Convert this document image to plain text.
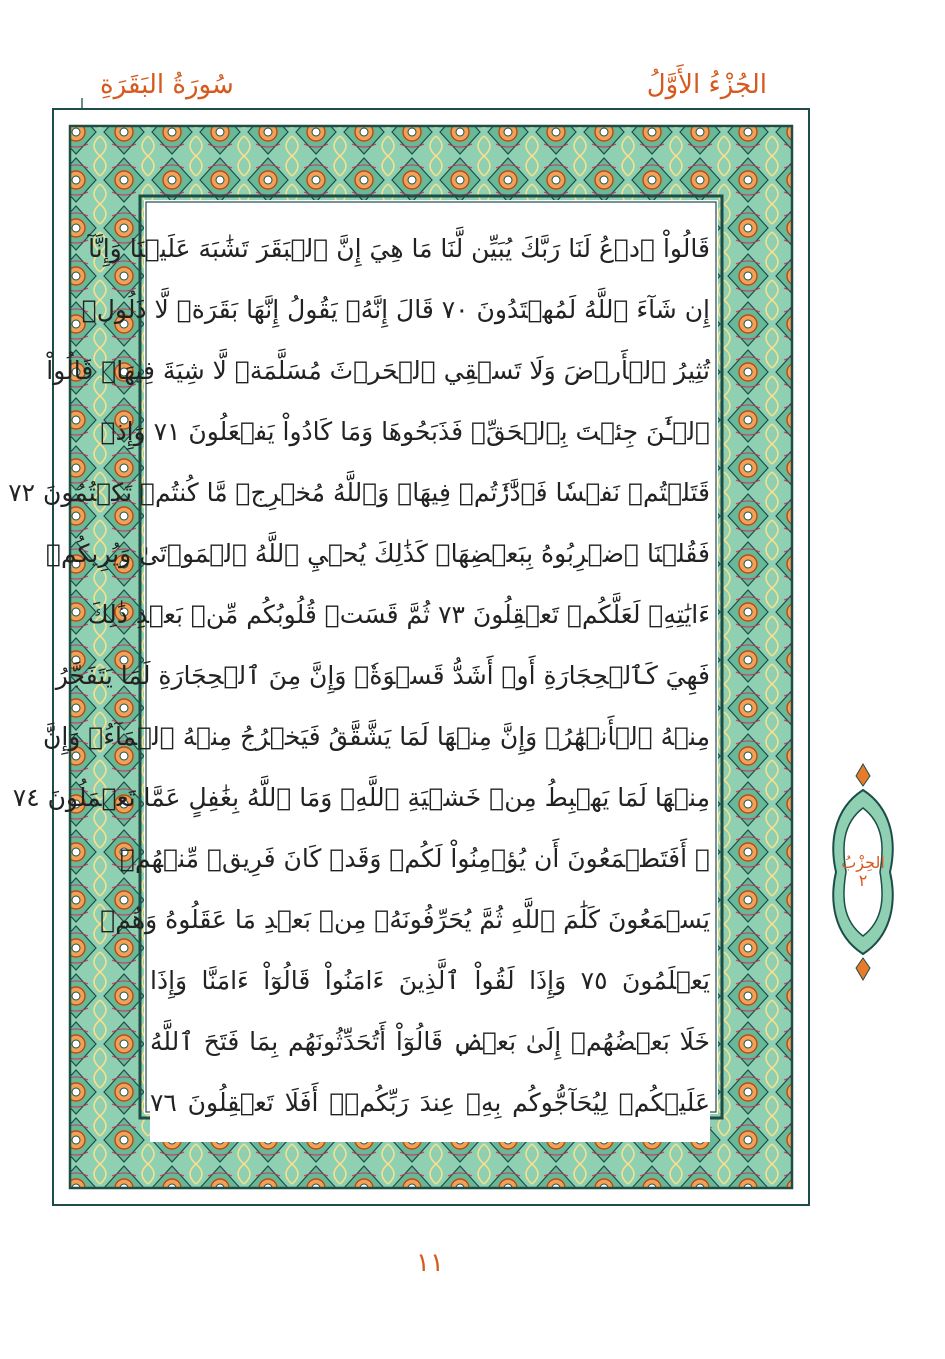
سُورَةُ البَقَرَةِ	الجُزْءُ الأَوَّلُ
قَالُواْ ٱدۡعُ لَنَا رَبَّكَ يُبَيِّن لَّنَا مَا هِيَ إِنَّ ٱلۡبَقَرَ تَشَٰبَهَ عَلَيۡنَا وَإِنَّآ
إِن شَآءَ ٱللَّهُ لَمُهۡتَدُونَ ٧٠ قَالَ إِنَّهُۥ يَقُولُ إِنَّهَا بَقَرَةٞ لَّا ذَلُولٞ
تُثِيرُ ٱلۡأَرۡضَ وَلَا تَسۡقِي ٱلۡحَرۡثَ مُسَلَّمَةٞ لَّا شِيَةَ فِيهَاۚ قَالُواْ
ٱلۡـَٰٔنَ جِئۡتَ بِٱلۡحَقِّۚ فَذَبَحُوهَا وَمَا كَادُواْ يَفۡعَلُونَ ٧١ وَإِذۡ
قَتَلۡتُمۡ نَفۡسٗا فَٱدَّٰرَٰٔتُمۡ فِيهَاۖ وَٱللَّهُ مُخۡرِجٞ مَّا كُنتُمۡ تَكۡتُمُونَ ٧٢
فَقُلۡنَا ٱضۡرِبُوهُ بِبَعۡضِهَاۚ كَذَٰلِكَ يُحۡيِ ٱللَّهُ ٱلۡمَوۡتَىٰ وَيُرِيكُمۡ
ءَايَٰتِهِۦ لَعَلَّكُمۡ تَعۡقِلُونَ ٧٣ ثُمَّ قَسَتۡ قُلُوبُكُم مِّنۢ بَعۡدِ ذَٰلِكَ
فَهِيَ كَٱلۡحِجَارَةِ أَوۡ أَشَدُّ قَسۡوَةٗۚ وَإِنَّ مِنَ ٱلۡحِجَارَةِ لَمَا يَتَفَجَّرُ
مِنۡهُ ٱلۡأَنۡهَٰرُۚ وَإِنَّ مِنۡهَا لَمَا يَشَّقَّقُ فَيَخۡرُجُ مِنۡهُ ٱلۡمَآءُۚ وَإِنَّ
مِنۡهَا لَمَا يَهۡبِطُ مِنۡ خَشۡيَةِ ٱللَّهِۗ وَمَا ٱللَّهُ بِغَٰفِلٍ عَمَّا تَعۡمَلُونَ ٧٤
۞ أَفَتَطۡمَعُونَ أَن يُؤۡمِنُواْ لَكُمۡ وَقَدۡ كَانَ فَرِيقٞ مِّنۡهُمۡ
يَسۡمَعُونَ كَلَٰمَ ٱللَّهِ ثُمَّ يُحَرِّفُونَهُۥ مِنۢ بَعۡدِ مَا عَقَلُوهُ وَهُمۡ
يَعۡلَمُونَ ٧٥ وَإِذَا لَقُواْ ٱلَّذِينَ ءَامَنُواْ قَالُوٓاْ ءَامَنَّا وَإِذَا
خَلَا بَعۡضُهُمۡ إِلَىٰ بَعۡضٖ قَالُوٓاْ أَتُحَدِّثُونَهُم بِمَا فَتَحَ ٱللَّهُ
عَلَيۡكُمۡ لِيُحَآجُّوكُم بِهِۦ عِندَ رَبِّكُمۡۚ أَفَلَا تَعۡقِلُونَ ٧٦
الحِزْبُ
٢
١١
